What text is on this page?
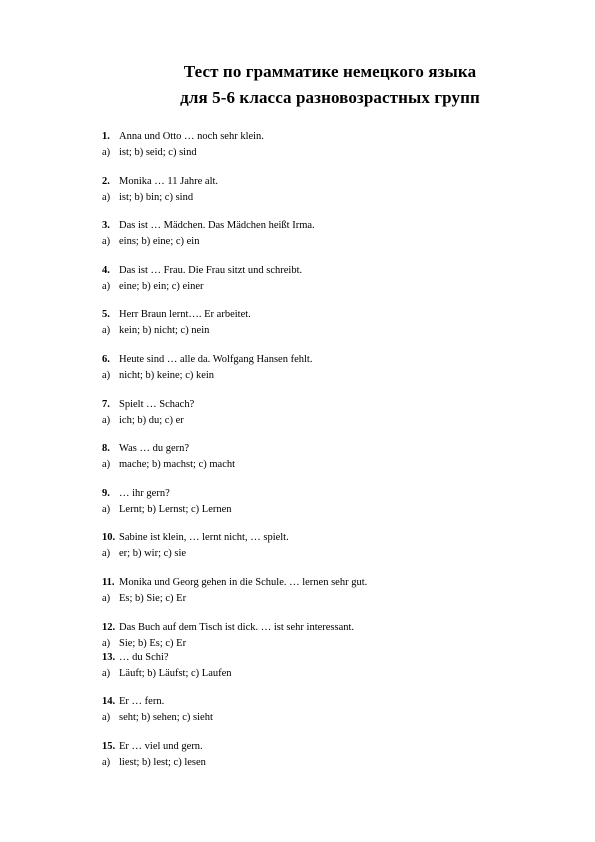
Тест по грамматике немецкого языка
для 5-6 класса разновозрастных групп
1. Anna und Otto … noch sehr klein.
a) ist; b) seid; c) sind
2. Monika … 11 Jahre alt.
a) ist; b) bin; c) sind
3. Das ist … Mädchen. Das Mädchen heißt Irma.
a) eins; b) eine; c) ein
4. Das ist … Frau. Die Frau sitzt und schreibt.
a) eine; b) ein; c) einer
5. Herr Braun lernt…. Er arbeitet.
a) kein; b) nicht; c) nein
6. Heute sind … alle da. Wolfgang Hansen fehlt.
a) nicht; b) keine; c) kein
7. Spielt … Schach?
a) ich; b) du; c) er
8. Was … du gern?
a) mache; b) machst; c) macht
9. … ihr gern?
a) Lernt; b) Lernst; c) Lernen
10. Sabine ist klein, … lernt nicht, … spielt.
a) er; b) wir; c) sie
11. Monika und Georg gehen in die Schule. … lernen sehr gut.
a) Es; b) Sie; c) Er
12. Das Buch auf dem Tisch ist dick. … ist sehr interessant.
a) Sie; b) Es; c) Er
13. … du Schi?
a) Läuft; b) Läufst; c) Laufen
14. Er … fern.
a) seht; b) sehen; c) sieht
15. Er … viel und gern.
a) liest; b) lest; c) lesen
